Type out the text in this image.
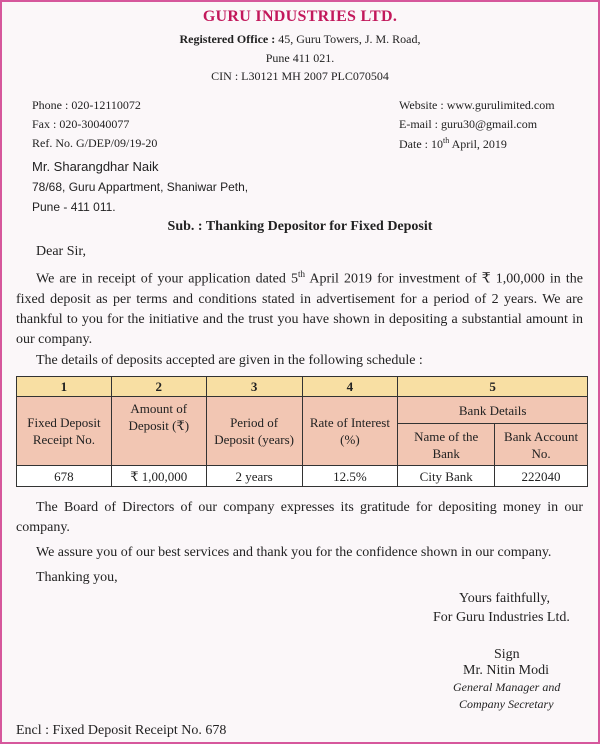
GURU INDUSTRIES LTD.
Registered Office : 45, Guru Towers, J. M. Road,
Pune 411 021.
CIN : L30121 MH 2007 PLC070504
Phone : 020-12110072
Fax : 020-30040077
Ref. No. G/DEP/09/19-20
Website : www.gurulimited.com
E-mail : guru30@gmail.com
Date : 10th April, 2019
Mr. Sharangdhar Naik
78/68, Guru Appartment, Shaniwar Peth,
Pune - 411 011.
Sub. : Thanking Depositor for Fixed Deposit
Dear Sir,
We are in receipt of your application dated 5th April 2019 for investment of ₹ 1,00,000 in the fixed deposit as per terms and conditions stated in advertisement for a period of 2 years. We are thankful to you for the initiative and the trust you have shown in depositing a substantial amount in our company.
The details of deposits accepted are given in the following schedule :
1	2	3	4	5	
Fixed Deposit Receipt No.	Amount of Deposit (₹)	Period of Deposit (years)	Rate of Interest (%)	Bank Details	
				Name of the Bank	Bank Account No.
678	₹ 1,00,000	2 years	12.5%	City Bank	222040
The Board of Directors of our company expresses its gratitude for depositing money in our company.
We assure you of our best services and thank you for the confidence shown in our company.
Thanking you,
Yours faithfully,
For Guru Industries Ltd.
Sign
Mr. Nitin Modi
General Manager and
Company Secretary
Encl : Fixed Deposit Receipt No. 678
